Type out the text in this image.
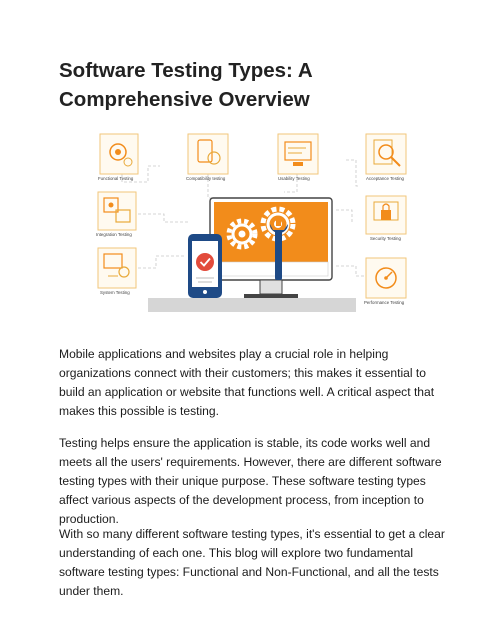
Software Testing Types: A Comprehensive Overview
Functional Testing	Compatibility testing	Usability Testing	Acceptance Testing
Integration Testing
Security Testing
System Testing
Performance Testing

Mobile applications and websites play a crucial role in helping organizations connect with their customers; this makes it essential to build an application or website that functions well. A critical aspect that makes this possible is testing.

Testing helps ensure the application is stable, its code works well and meets all the users' requirements. However, there are different software testing types with their unique purpose. These software testing types affect various aspects of the development process, from inception to production.

With so many different software testing types, it's essential to get a clear understanding of each one. This blog will explore two fundamental software testing types: Functional and Non-Functional, and all the tests under them.
